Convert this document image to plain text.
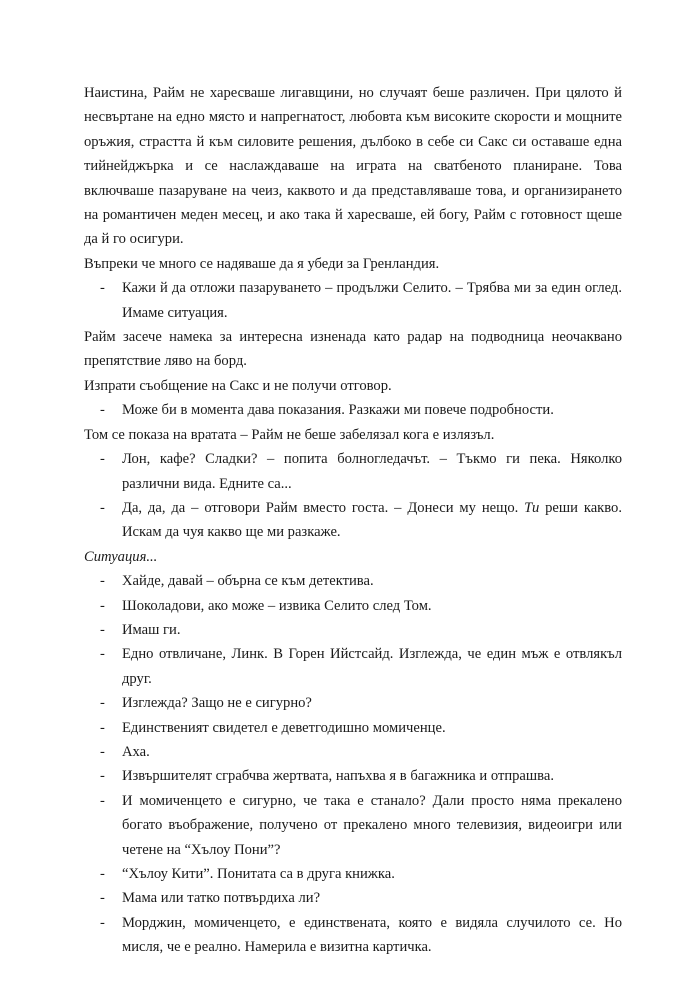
Наистина, Райм не харесваше лигавщини, но случаят беше различен. При цялото й несвъртане на едно място и напрегнатост, любовта към високите скорости и мощните оръжия, страстта й към силовите решения, дълбоко в себе си Сакс си оставаше една тийнейджърка и се наслаждаваше на играта на сватбеното планиране. Това включваше пазаруване на чеиз, каквото и да представляваше това, и организирането на романтичен меден месец, и ако така й харесваше, ей богу, Райм с готовност щеше да й го осигури.

Въпреки че много се надяваше да я убеди за Гренландия.

- Кажи й да отложи пазаруването – продължи Селито. – Трябва ми за един оглед. Имаме ситуация.

Райм засече намека за интересна изненада като радар на подводница неочаквано препятствие ляво на борд.

Изпрати съобщение на Сакс и не получи отговор.

- Може би в момента дава показания. Разкажи ми повече подробности.

Том се показа на вратата – Райм не беше забелязал кога е излязъл.

- Лон, кафе? Сладки? – попита болногледачът. – Тъкмо ги пека. Няколко различни вида. Едните са...

- Да, да, да – отговори Райм вместо госта. – Донеси му нещо. Ти реши какво. Искам да чуя какво ще ми разкаже.

Ситуация...

- Хайде, давай – обърна се към детектива.

- Шоколадови, ако може – извика Селито след Том.

- Имаш ги.

- Едно отвличане, Линк. В Горен Ийстсайд. Изглежда, че един мъж е отвлякъл друг.

- Изглежда? Защо не е сигурно?

- Единственият свидетел е деветгодишно момиченце.

- Аха.

- Извършителят сграбчва жертвата, напъхва я в багажника и отпрашва.

- И момиченцето е сигурно, че така е станало? Дали просто няма прекалено богато въображение, получено от прекалено много телевизия, видеоигри или четене на “Хълоу Пони”?

- “Хълоу Кити”. Понитата са в друга книжка.

- Мама или татко потвърдиха ли?

- Морджин, момиченцето, е единствената, която е видяла случилото се. Но мисля, че е реално. Намерила е визитна картичка.
